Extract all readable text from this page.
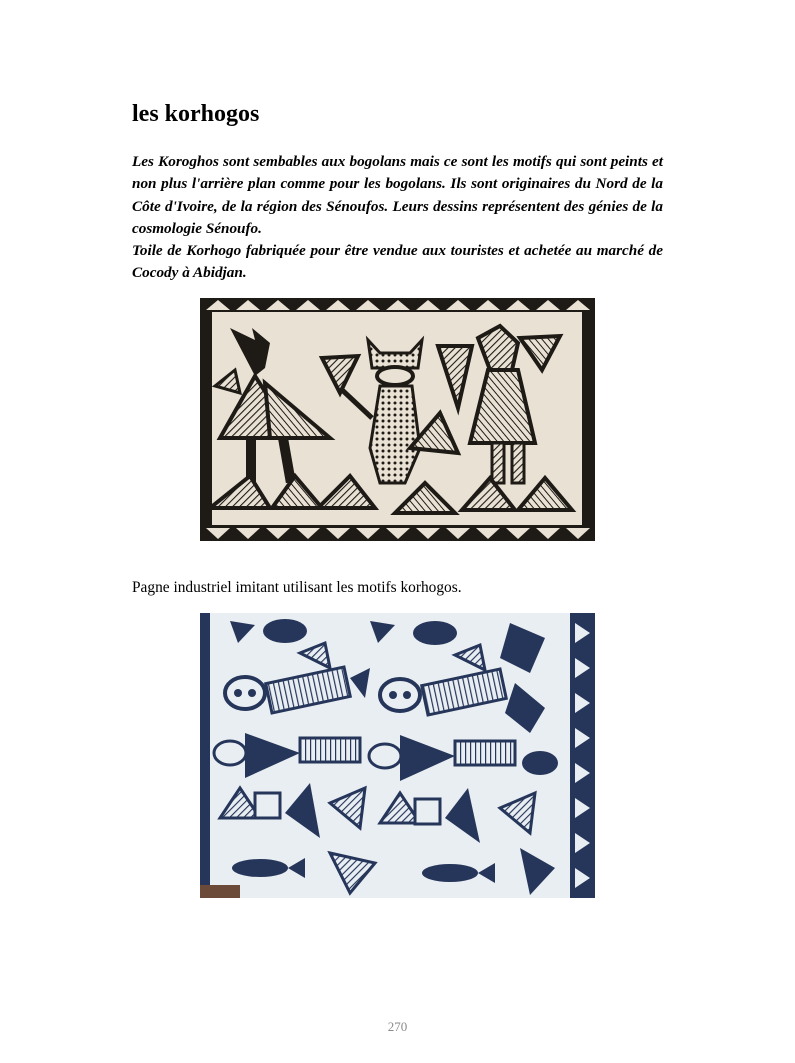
les korhogos

Les Koroghos sont sembables aux bogolans mais ce sont les motifs qui sont peints et non plus l'arrière plan comme pour les bogolans. Ils sont originaires du Nord de la Côte d'Ivoire, de la région des Sénoufos. Leurs dessins représentent des génies de la cosmologie Sénoufo.

Toile de Korhogo fabriquée pour être vendue aux touristes et achetée au marché de Cocody à Abidjan.

Pagne industriel imitant utilisant les motifs korhogos.

270
